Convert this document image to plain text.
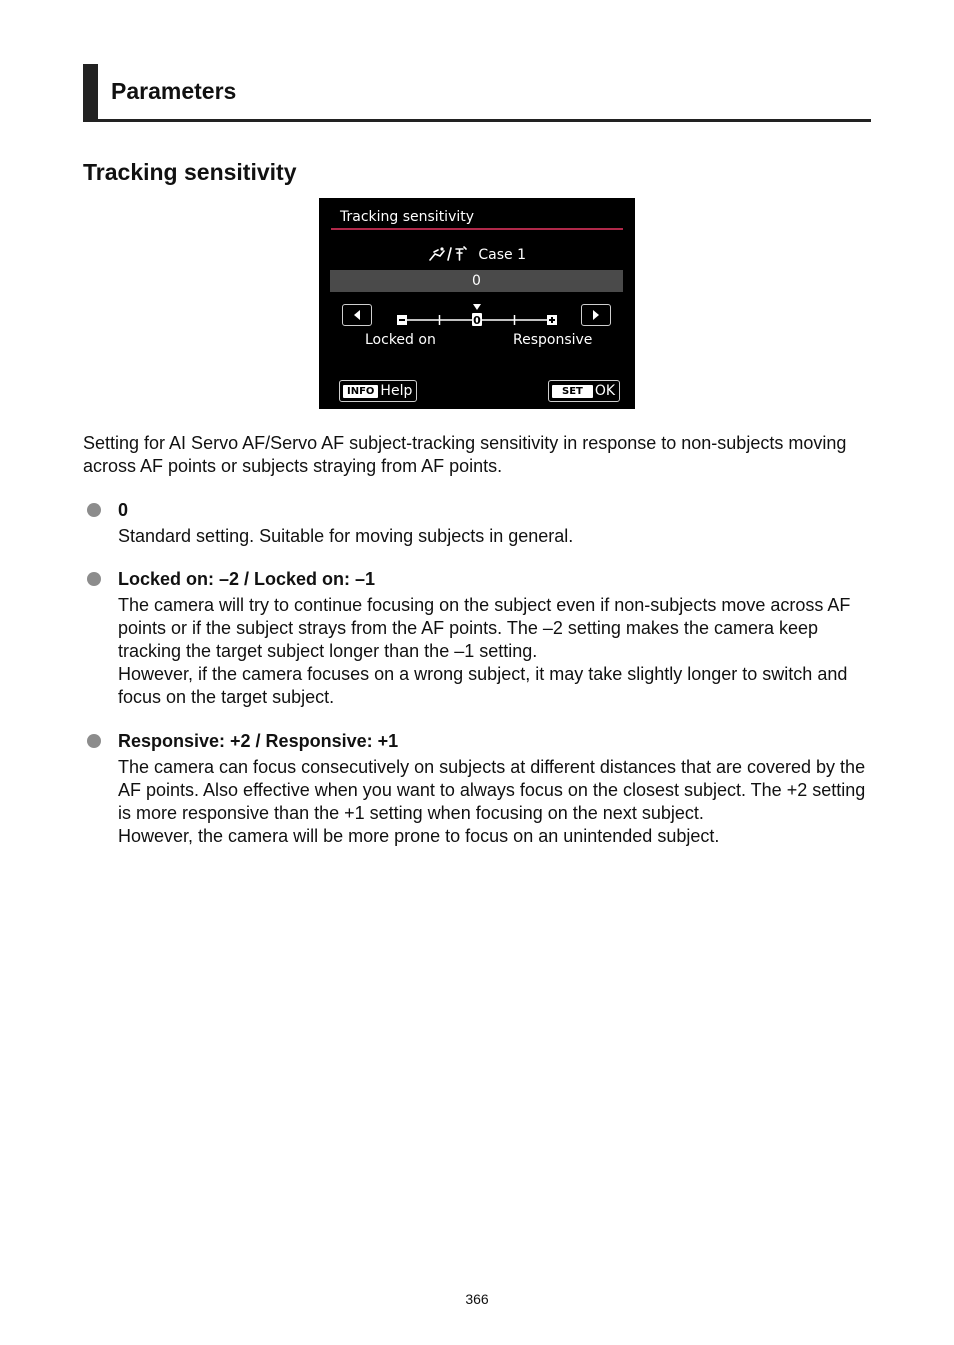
Parameters
Tracking sensitivity
Tracking sensitivity
Case 1
0
0
Locked on	Responsive
INFO Help	SET OK
Setting for AI Servo AF/Servo AF subject-tracking sensitivity in response to non-subjects moving across AF points or subjects straying from AF points.
0

Standard setting. Suitable for moving subjects in general.

Locked on: –2 / Locked on: –1

The camera will try to continue focusing on the subject even if non-subjects move across AF points or if the subject strays from the AF points. The –2 setting makes the camera keep tracking the target subject longer than the –1 setting.

However, if the camera focuses on a wrong subject, it may take slightly longer to switch and focus on the target subject.

Responsive: +2 / Responsive: +1

The camera can focus consecutively on subjects at different distances that are covered by the AF points. Also effective when you want to always focus on the closest subject. The +2 setting is more responsive than the +1 setting when focusing on the next subject.

However, the camera will be more prone to focus on an unintended subject.

366
